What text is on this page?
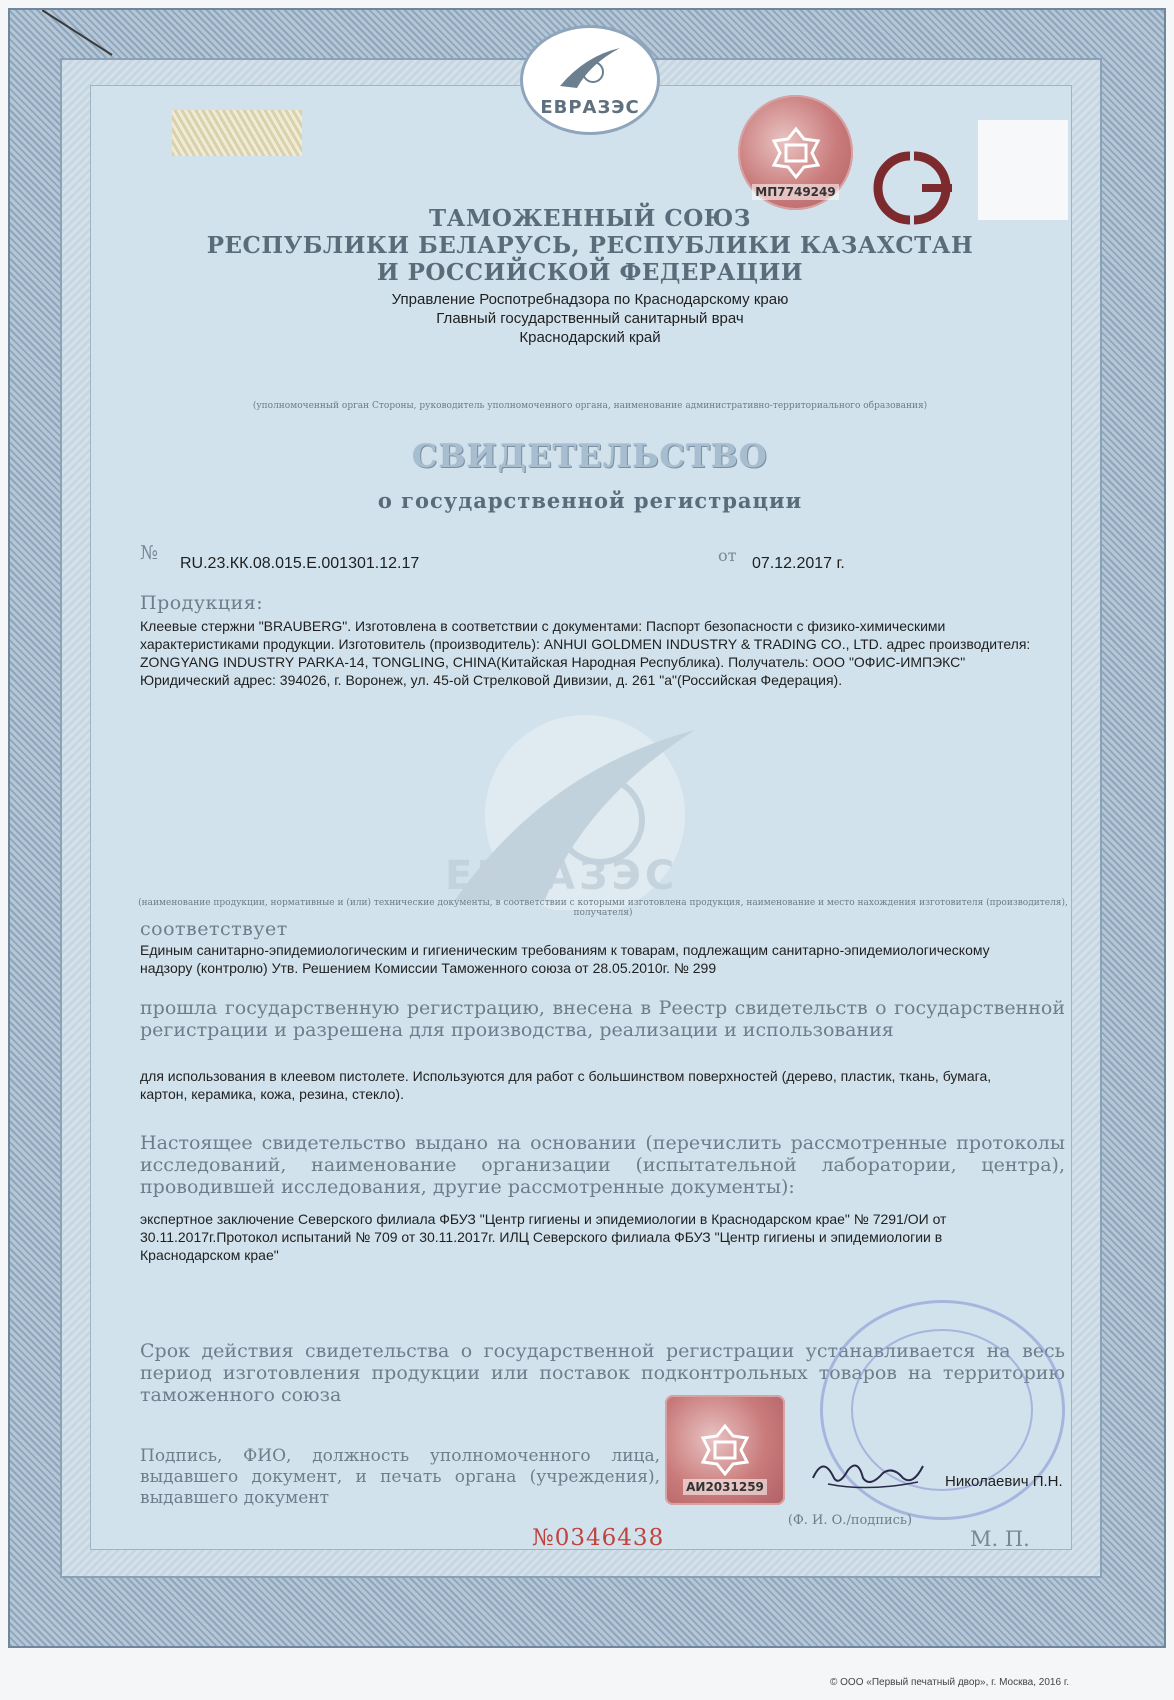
ЕВРАЗЭС
МП7749249
ТАМОЖЕННЫЙ СОЮЗ
РЕСПУБЛИКИ БЕЛАРУСЬ, РЕСПУБЛИКИ КАЗАХСТАН
И РОССИЙСКОЙ ФЕДЕРАЦИИ
Управление Роспотребнадзора по Краснодарскому краю
Главный государственный санитарный врач
Краснодарский край
(уполномоченный орган Стороны, руководитель уполномоченного органа, наименование административно-территориального образования)
СВИДЕТЕЛЬСТВО
о государственной регистрации
№ RU.23.КК.08.015.Е.001301.12.17	от 07.12.2017 г.
Продукция:
Клеевые стержни "BRAUBERG". Изготовлена в соответствии с документами: Паспорт безопасности с физико-химическими характеристиками продукции. Изготовитель (производитель): ANHUI GOLDMEN INDUSTRY & TRADING CO., LTD. адрес производителя: ZONGYANG INDUSTRY PARKA-14, TONGLING, CHINA(Китайская Народная Республика). Получатель: ООО "ОФИС-ИМПЭКС" Юридический адрес: 394026, г. Воронеж, ул. 45-ой Стрелковой Дивизии, д. 261 "а"(Российская Федерация).
ЕВРАЗЭС
(наименование продукции, нормативные и (или) технические документы, в соответствии с которыми изготовлена продукция, наименование и место нахождения изготовителя (производителя), получателя)
соответствует
Единым санитарно-эпидемиологическим и гигиеническим требованиям к товарам, подлежащим санитарно-эпидемиологическому надзору (контролю) Утв. Решением Комиссии Таможенного союза от 28.05.2010г. № 299
прошла государственную регистрацию, внесена в Реестр свидетельств о государственной регистрации и разрешена для производства, реализации и использования
для использования в клеевом пистолете. Используются для работ с большинством поверхностей (дерево, пластик, ткань, бумага, картон, керамика, кожа, резина, стекло).
Настоящее свидетельство выдано на основании (перечислить рассмотренные протоколы исследований, наименование организации (испытательной лаборатории, центра), проводившей исследования, другие рассмотренные документы):
экспертное заключение Северского филиала ФБУЗ "Центр гигиены и эпидемиологии в Краснодарском крае" № 7291/ОИ от 30.11.2017г.Протокол испытаний № 709 от 30.11.2017г. ИЛЦ Северского филиала ФБУЗ "Центр гигиены и эпидемиологии в Краснодарском крае"
Срок действия свидетельства о государственной регистрации устанавливается на весь период изготовления продукции или поставок подконтрольных товаров на территорию таможенного союза
АИ2031259
Подпись, ФИО, должность уполномоченного лица, выдавшего документ, и печать органа (учреждения), выдавшего документ
Николаевич П.Н.
(Ф. И. О./подпись)
№0346438	М. П.
© ООО «Первый печатный двор», г. Москва, 2016 г.
